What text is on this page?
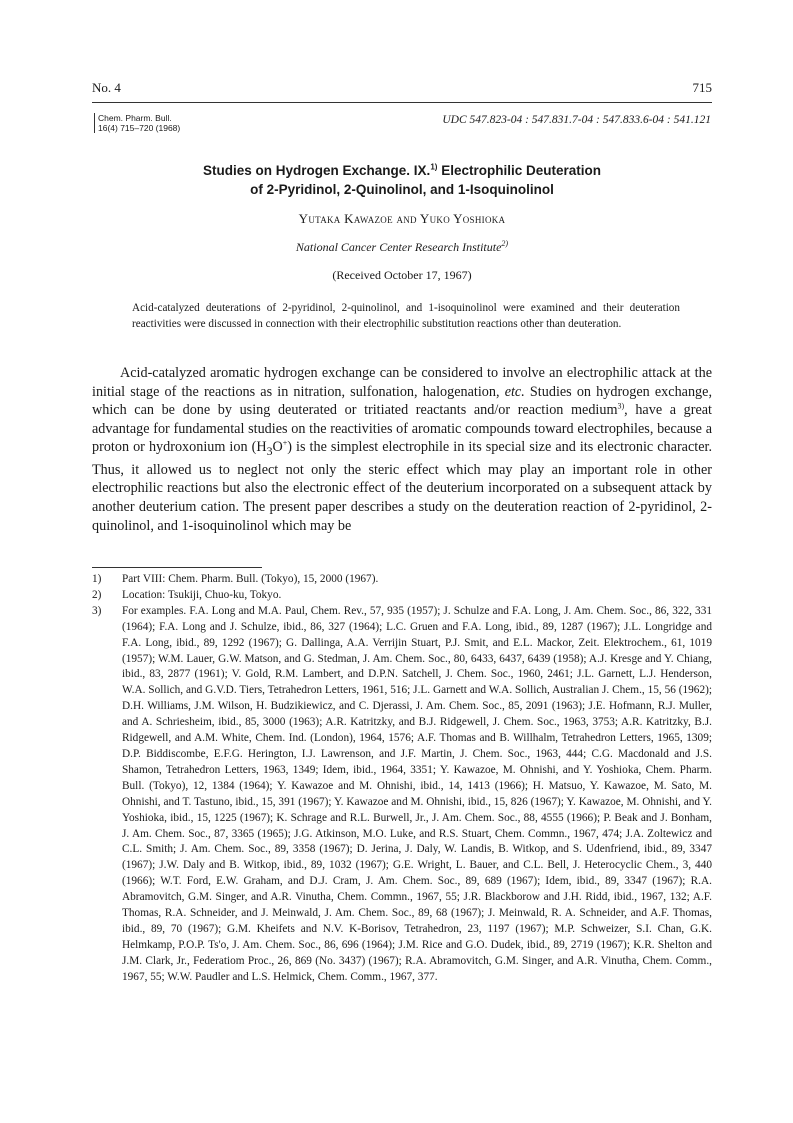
No. 4	715
Chem. Pharm. Bull.
16(4) 715–720 (1968)
UDC 547.823-04 : 547.831.7-04 : 547.833.6-04 : 541.121
Studies on Hydrogen Exchange. IX.$^{1)}$ Electrophilic Deuteration
of 2-Pyridinol, 2-Quinolinol, and 1-Isoquinolinol
Yutaka Kawazoe and Yuko Yoshioka
National Cancer Center Research Institute$^{2)}$
(Received October 17, 1967)
Acid-catalyzed deuterations of 2-pyridinol, 2-quinolinol, and 1-isoquinolinol were examined and their deuteration reactivities were discussed in connection with their electrophilic substitution reactions other than deuteration.

Acid-catalyzed aromatic hydrogen exchange can be considered to involve an electrophilic attack at the initial stage of the reactions as in nitration, sulfonation, halogenation, etc. Studies on hydrogen exchange, which can be done by using deuterated or tritiated reactants and/or reaction medium$^{3)}$, have a great advantage for fundamental studies on the reactivities of aromatic compounds toward electrophiles, because a proton or hydroxonium ion $(H_3O^+)$ is the simplest electrophile in its special size and its electronic character. Thus, it allowed us to neglect not only the steric effect which may play an important role in other electrophilic reactions but also the electronic effect of the deuterium incorporated on a subsequent attack by another deuterium cation. The present paper describes a study on the deuteration reaction of 2-pyridinol, 2-quinolinol, and 1-isoquinolinol which may be

1) Part VIII: Chem. Pharm. Bull. (Tokyo), 15, 2000 (1967).
2) Location: Tsukiji, Chuo-ku, Tokyo.
3) For examples. F.A. Long and M.A. Paul, Chem. Rev., 57, 935 (1957); J. Schulze and F.A. Long, J. Am. Chem. Soc., 86, 322, 331 (1964); F.A. Long and J. Schulze, ibid., 86, 327 (1964); L.C. Gruen and F.A. Long, ibid., 89, 1287 (1967); J.L. Longridge and F.A. Long, ibid., 89, 1292 (1967); G. Dallinga, A.A. Verrijin Stuart, P.J. Smit, and E.L. Mackor, Zeit. Elektrochem., 61, 1019 (1957); W.M. Lauer, G.W. Matson, and G. Stedman, J. Am. Chem. Soc., 80, 6433, 6437, 6439 (1958); A.J. Kresge and Y. Chiang, ibid., 83, 2877 (1961); V. Gold, R.M. Lambert, and D.P.N. Satchell, J. Chem. Soc., 1960, 2461; J.L. Garnett, L.J. Henderson, W.A. Sollich, and G.V.D. Tiers, Tetrahedron Letters, 1961, 516; J.L. Garnett and W.A. Sollich, Australian J. Chem., 15, 56 (1962); D.H. Williams, J.M. Wilson, H. Budzikiewicz, and C. Djerassi, J. Am. Chem. Soc., 85, 2091 (1963); J.E. Hofmann, R.J. Muller, and A. Schriesheim, ibid., 85, 3000 (1963); A.R. Katritzky, and B.J. Ridgewell, J. Chem. Soc., 1963, 3753; A.R. Katritzky, B.J. Ridgewell, and A.M. White, Chem. Ind. (London), 1964, 1576; A.F. Thomas and B. Willhalm, Tetrahedron Letters, 1965, 1309; D.P. Biddiscombe, E.F.G. Herington, I.J. Lawrenson, and J.F. Martin, J. Chem. Soc., 1963, 444; C.G. Macdonald and J.S. Shamon, Tetrahedron Letters, 1963, 1349; Idem, ibid., 1964, 3351; Y. Kawazoe, M. Ohnishi, and Y. Yoshioka, Chem. Pharm. Bull. (Tokyo), 12, 1384 (1964); Y. Kawazoe and M. Ohnishi, ibid., 14, 1413 (1966); H. Matsuo, Y. Kawazoe, M. Sato, M. Ohnishi, and T. Tastuno, ibid., 15, 391 (1967); Y. Kawazoe and M. Ohnishi, ibid., 15, 826 (1967); Y. Kawazoe, M. Ohnishi, and Y. Yoshioka, ibid., 15, 1225 (1967); K. Schrage and R.L. Burwell, Jr., J. Am. Chem. Soc., 88, 4555 (1966); P. Beak and J. Bonham, J. Am. Chem. Soc., 87, 3365 (1965); J.G. Atkinson, M.O. Luke, and R.S. Stuart, Chem. Commn., 1967, 474; J.A. Zoltewicz and C.L. Smith; J. Am. Chem. Soc., 89, 3358 (1967); D. Jerina, J. Daly, W. Landis, B. Witkop, and S. Udenfriend, ibid., 89, 3347 (1967); J.W. Daly and B. Witkop, ibid., 89, 1032 (1967); G.E. Wright, L. Bauer, and C.L. Bell, J. Heterocyclic Chem., 3, 440 (1966); W.T. Ford, E.W. Graham, and D.J. Cram, J. Am. Chem. Soc., 89, 689 (1967); Idem, ibid., 89, 3347 (1967); R.A. Abramovitch, G.M. Singer, and A.R. Vinutha, Chem. Commn., 1967, 55; J.R. Blackborow and J.H. Ridd, ibid., 1967, 132; A.F. Thomas, R.A. Schneider, and J. Meinwald, J. Am. Chem. Soc., 89, 68 (1967); J. Meinwald, R. A. Schneider, and A.F. Thomas, ibid., 89, 70 (1967); G.M. Kheifets and N.V. K-Borisov, Tetrahedron, 23, 1197 (1967); M.P. Schweizer, S.I. Chan, G.K. Helmkamp, P.O.P. Ts'o, J. Am. Chem. Soc., 86, 696 (1964); J.M. Rice and G.O. Dudek, ibid., 89, 2719 (1967); K.R. Shelton and J.M. Clark, Jr., Federatiom Proc., 26, 869 (No. 3437) (1967); R.A. Abramovitch, G.M. Singer, and A.R. Vinutha, Chem. Comm., 1967, 55; W.W. Paudler and L.S. Helmick, Chem. Comm., 1967, 377.
